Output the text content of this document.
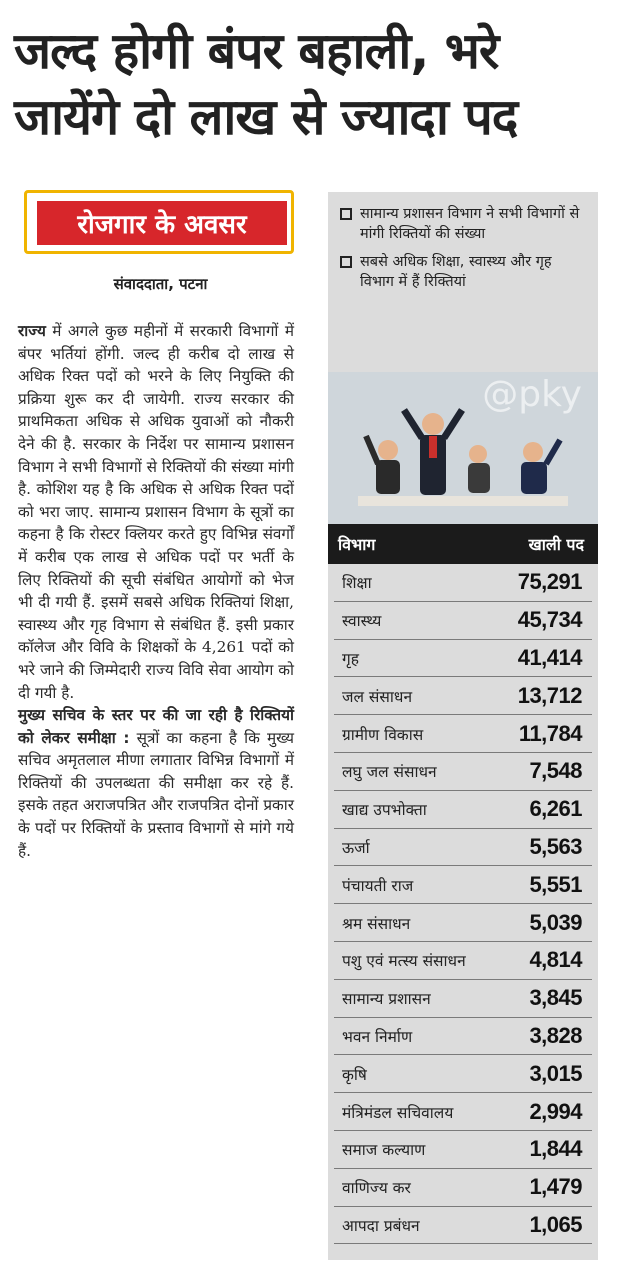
जल्द होगी बंपर बहाली, भरे
जायेंगे दो लाख से ज्यादा पद
रोजगार के अवसर
संवाददाता, पटना
राज्य में अगले कुछ महीनों में सरकारी विभागों में बंपर भर्तियां होंगी. जल्द ही करीब दो लाख से अधिक रिक्त पदों को भरने के लिए नियुक्ति की प्रक्रिया शुरू कर दी जायेगी. राज्य सरकार की प्राथमिकता अधिक से अधिक युवाओं को नौकरी देने की है. सरकार के निर्देश पर सामान्य प्रशासन विभाग ने सभी विभागों से रिक्तियों की संख्या मांगी है. कोशिश यह है कि अधिक से अधिक रिक्त पदों को भरा जाए. सामान्य प्रशासन विभाग के सूत्रों का कहना है कि रोस्टर क्लियर करते हुए विभिन्न संवर्गों में करीब एक लाख से अधिक पदों पर भर्ती के लिए रिक्तियों की सूची संबंधित आयोगों को भेज भी दी गयी हैं. इसमें सबसे अधिक रिक्तियां शिक्षा, स्वास्थ्य और गृह विभाग से संबंधित हैं. इसी प्रकार कॉलेज और विवि के शिक्षकों के 4,261 पदों को भरे जाने की जिम्मेदारी राज्य विवि सेवा आयोग को दी गयी है.
मुख्य सचिव के स्तर पर की जा रही है रिक्तियों को लेकर समीक्षा : सूत्रों का कहना है कि मुख्य सचिव अमृतलाल मीणा लगातार विभिन्न विभागों में रिक्तियों की उपलब्धता की समीक्षा कर रहे हैं. इसके तहत अराजपत्रित और राजपत्रित दोनों प्रकार के पदों पर रिक्तियों के प्रस्ताव विभागों से मांगे गये हैं.
सामान्य प्रशासन विभाग ने सभी विभागों से मांगी रिक्तियों की संख्या
सबसे अधिक शिक्षा, स्वास्थ्य और गृह विभाग में हैं रिक्तियां
@pky
विभाग	खाली पद
शिक्षा	75,291
स्वास्थ्य	45,734
गृह	41,414
जल संसाधन	13,712
ग्रामीण विकास	11,784
लघु जल संसाधन	7,548
खाद्य उपभोक्ता	6,261
ऊर्जा	5,563
पंचायती राज	5,551
श्रम संसाधन	5,039
पशु एवं मत्स्य संसाधन	4,814
सामान्य प्रशासन	3,845
भवन निर्माण	3,828
कृषि	3,015
मंत्रिमंडल सचिवालय	2,994
समाज कल्याण	1,844
वाणिज्य कर	1,479
आपदा प्रबंधन	1,065
